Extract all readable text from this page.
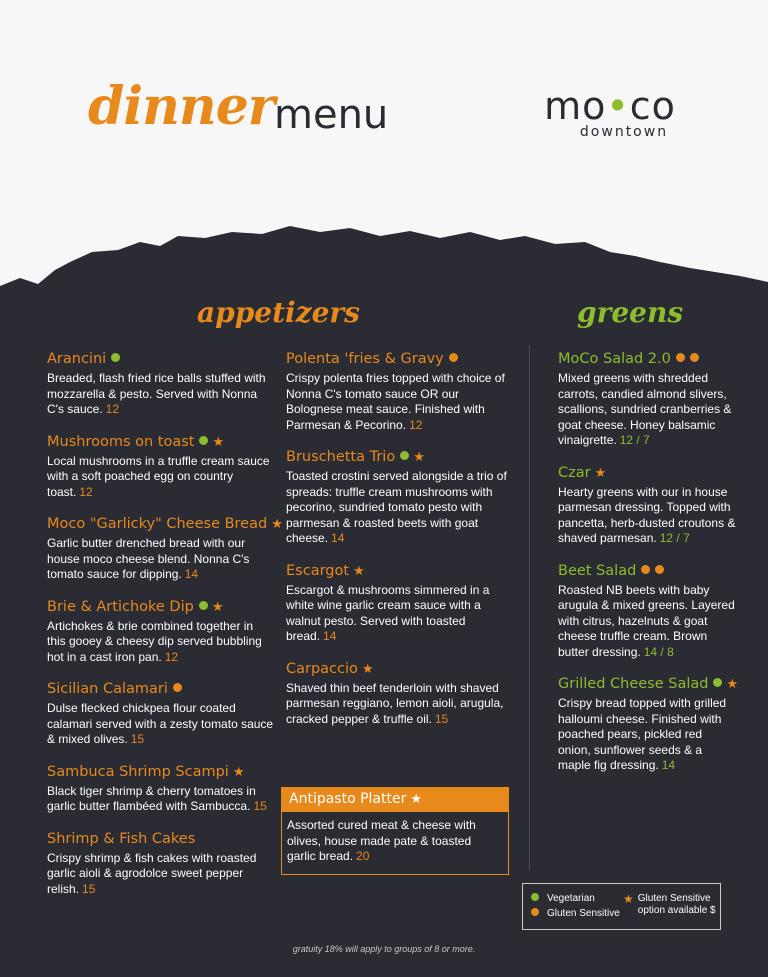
dinner menu	mo•co
downtown
appetizers	greens
Arancini
Breaded, flash fried rice balls stuffed with mozzarella & pesto. Served with Nonna C's sauce. 12
Mushrooms on toast ★
Local mushrooms in a truffle cream sauce with a soft poached egg on country toast. 12
Moco "Garlicky" Cheese Bread ★
Garlic butter drenched bread with our house moco cheese blend. Nonna C's tomato sauce for dipping. 14
Brie & Artichoke Dip ★
Artichokes & brie combined together in this gooey & cheesy dip served bubbling hot in a cast iron pan. 12
Sicilian Calamari
Dulse flecked chickpea flour coated calamari served with a zesty tomato sauce & mixed olives. 15
Sambuca Shrimp Scampi ★
Black tiger shrimp & cherry tomatoes in garlic butter flambéed with Sambucca. 15
Shrimp & Fish Cakes
Crispy shrimp & fish cakes with roasted garlic aioli & agrodolce sweet pepper relish. 15
Polenta 'fries & Gravy
Crispy polenta fries topped with choice of Nonna C's tomato sauce OR our Bolognese meat sauce. Finished with Parmesan & Pecorino. 12
Bruschetta Trio ★
Toasted crostini served alongside a trio of spreads: truffle cream mushrooms with pecorino, sundried tomato pesto with parmesan & roasted beets with goat cheese. 14
Escargot ★
Escargot & mushrooms simmered in a white wine garlic cream sauce with a walnut pesto. Served with toasted bread. 14
Carpaccio ★
Shaved thin beef tenderloin with shaved parmesan reggiano, lemon aioli, arugula, cracked pepper & truffle oil. 15
Antipasto Platter ★
Assorted cured meat & cheese with olives, house made pate & toasted garlic bread. 20
MoCo Salad 2.0
Mixed greens with shredded carrots, candied almond slivers, scallions, sundried cranberries & goat cheese. Honey balsamic vinaigrette. 12 / 7
Czar ★
Hearty greens with our in house parmesan dressing. Topped with pancetta, herb-dusted croutons & shaved parmesan. 12 / 7
Beet Salad
Roasted NB beets with baby arugula & mixed greens. Layered with citrus, hazelnuts & goat cheese truffle cream. Brown butter dressing. 14 / 8
Grilled Cheese Salad ★
Crispy bread topped with grilled halloumi cheese. Finished with poached pears, pickled red onion, sunflower seeds & a maple fig dressing. 14
Vegetarian
Gluten Sensitive
★ Gluten Sensitive
option available $
gratuity 18% will apply to groups of 8 or more.
